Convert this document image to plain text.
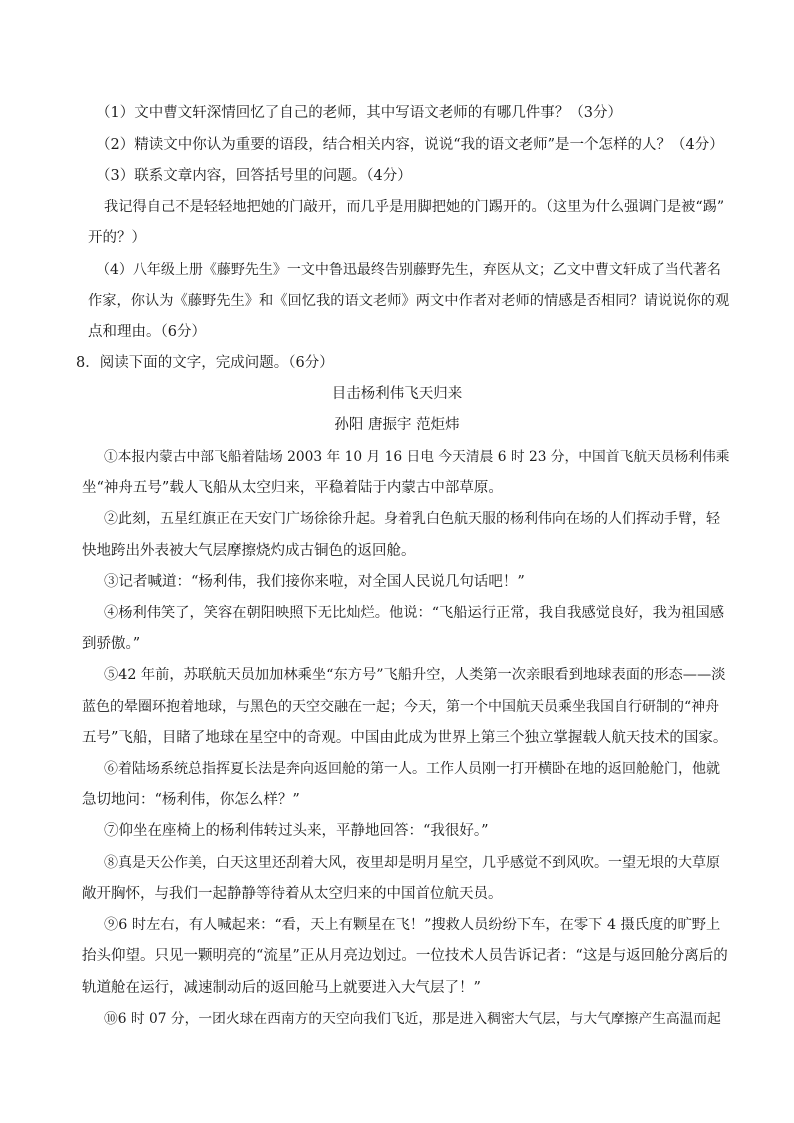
（1）文中曹文轩深情回忆了自己的老师，其中写语文老师的有哪几件事？（3分）
（2）精读文中你认为重要的语段，结合相关内容，说说“我的语文老师”是一个怎样的人？（4分）
（3）联系文章内容，回答括号里的问题。（4分）
我记得自己不是轻轻地把她的门敲开，而几乎是用脚把她的门踢开的。（这里为什么强调门是被“踢”
开的？）
（4）八年级上册《藤野先生》一文中鲁迅最终告别藤野先生，弃医从文；乙文中曹文轩成了当代著名
作家，你认为《藤野先生》和《回忆我的语文老师》两文中作者对老师的情感是否相同？请说说你的观
点和理由。（6分）
8．阅读下面的文字，完成问题。（6分）
目击杨利伟飞天归来
孙阳 唐振宇 范炬炜
①本报内蒙古中部飞船着陆场 2003 年 10 月 16 日电 今天清晨 6 时 23 分，中国首飞航天员杨利伟乘
坐“神舟五号”载人飞船从太空归来，平稳着陆于内蒙古中部草原。
②此刻，五星红旗正在天安门广场徐徐升起。身着乳白色航天服的杨利伟向在场的人们挥动手臂，轻
快地跨出外表被大气层摩擦烧灼成古铜色的返回舱。
③记者喊道：“杨利伟，我们接你来啦，对全国人民说几句话吧！”
④杨利伟笑了，笑容在朝阳映照下无比灿烂。他说：“飞船运行正常，我自我感觉良好，我为祖国感
到骄傲。”
⑤42 年前，苏联航天员加加林乘坐“东方号”飞船升空，人类第一次亲眼看到地球表面的形态——淡
蓝色的晕圈环抱着地球，与黑色的天空交融在一起；今天，第一个中国航天员乘坐我国自行研制的“神舟
五号”飞船，目睹了地球在星空中的奇观。中国由此成为世界上第三个独立掌握载人航天技术的国家。
⑥着陆场系统总指挥夏长法是奔向返回舱的第一人。工作人员刚一打开横卧在地的返回舱舱门，他就
急切地问：“杨利伟，你怎么样？”
⑦仰坐在座椅上的杨利伟转过头来，平静地回答：“我很好。”
⑧真是天公作美，白天这里还刮着大风，夜里却是明月星空，几乎感觉不到风吹。一望无垠的大草原
敞开胸怀，与我们一起静静等待着从太空归来的中国首位航天员。
⑨6 时左右，有人喊起来：“看，天上有颗星在飞！”搜救人员纷纷下车，在零下 4 摄氏度的旷野上
抬头仰望。只见一颗明亮的“流星”正从月亮边划过。一位技术人员告诉记者：“这是与返回舱分离后的
轨道舱在运行，减速制动后的返回舱马上就要进入大气层了！”
⑩6 时 07 分，一团火球在西南方的天空向我们飞近，那是进入稠密大气层，与大气摩擦产生高温而起
